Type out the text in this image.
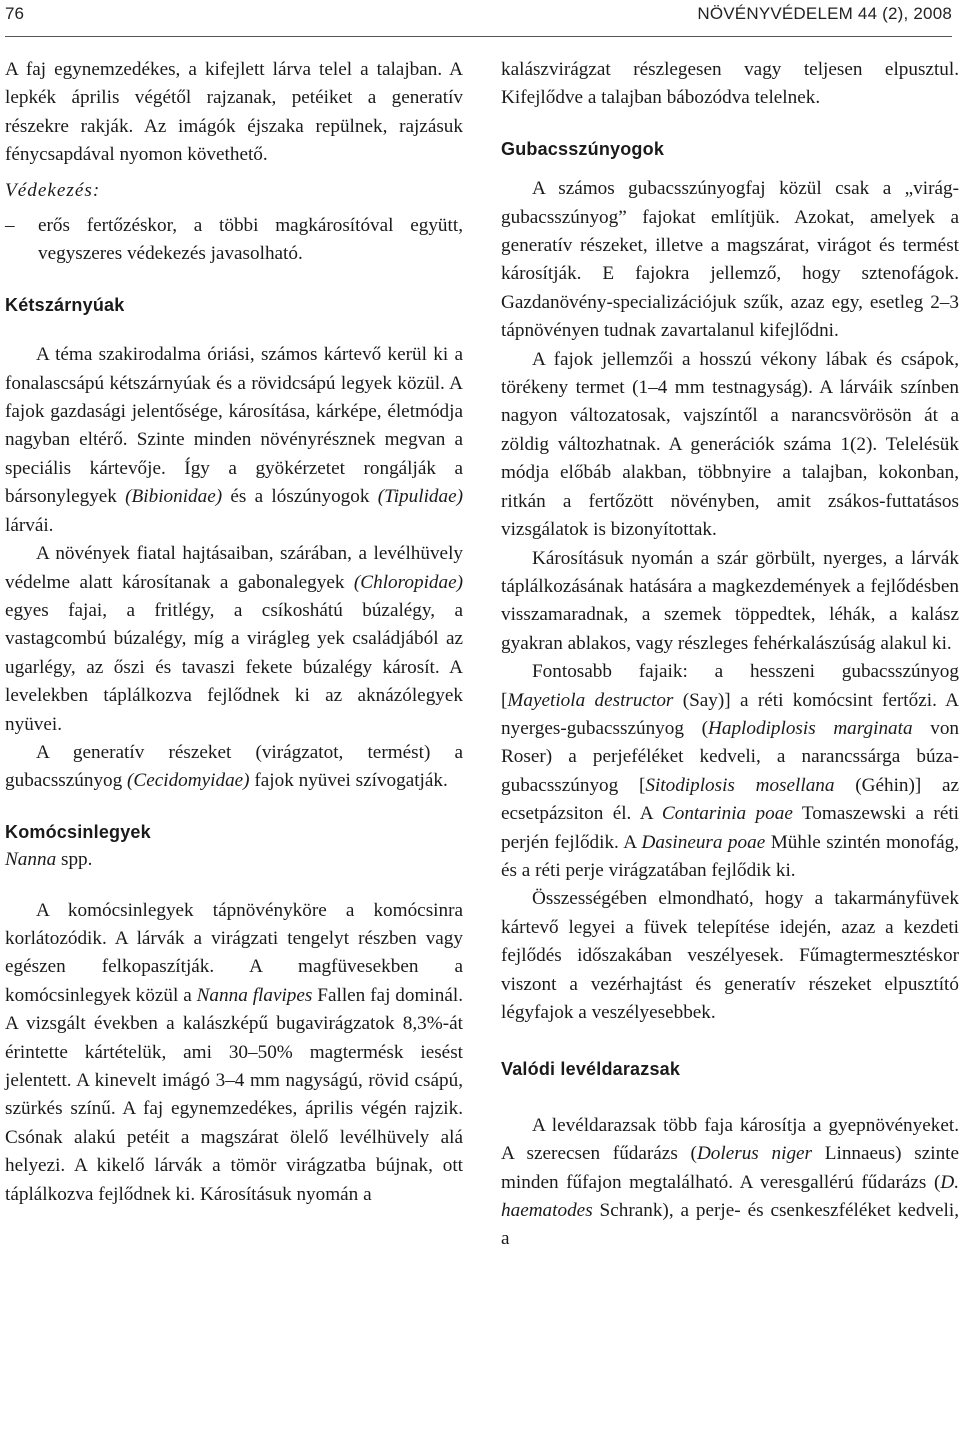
76	NÖVÉNYVÉDELEM 44 (2), 2008

A faj egynemzedékes, a kifejlett lárva telel a talajban. A lepkék április végétől rajzanak, petéiket a generatív részekre rakják. Az imágók éjszaka repülnek, rajzásuk fénycsapdával nyomon követhető.

Védekezés:

– erős fertőzéskor, a többi magkárosítóval együtt, vegyszeres védekezés javasolható.

Kétszárnyúak

A téma szakirodalma óriási, számos kártevő kerül ki a fonalascsápú kétszárnyúak és a rövidcsápú legyek közül. A fajok gazdasági jelentősége, károsítása, kárképe, életmódja nagyban eltérő. Szinte minden növényrésznek megvan a speciális kártevője. Így a gyökérzetet rongálják a bársonylegyek (Bibionidae) és a lószúnyogok (Tipulidae) lárvái.

A növények fiatal hajtásaiban, szárában, a levélhüvely védelme alatt károsítanak a gabonalegyek (Chloropidae) egyes fajai, a fritlégy, a csíkoshátú búzalégy, a vastagcombú búzalégy, míg a virágleg yek családjából az ugarlégy, az őszi és tavaszi fekete búzalégy károsít. A levelekben táplálkozva fejlődnek ki az aknázólegyek nyüvei.

A generatív részeket (virágzatot, termést) a gubacsszúnyog (Cecidomyidae) fajok nyüvei szívogatják.

Komócsinlegyek

Nanna spp.

A komócsinlegyek tápnövényköre a komócsinra korlátozódik. A lárvák a virágzati tengelyt részben vagy egészen felkopaszítják. A magfüvesekben a komócsinlegyek közül a Nanna flavipes Fallen faj dominál. A vizsgált években a kalászképű bugavirágzatok 8,3%-át érintette kártételük, ami 30–50% magtermésk iesést jelentett. A kinevelt imágó 3–4 mm nagyságú, rövid csápú, szürkés színű. A faj egynemzedékes, április végén rajzik. Csónak alakú petéit a magszárat ölelő levélhüvely alá helyezi. A kikelő lárvák a tömör virágzatba bújnak, ott táplálkozva fejlődnek ki. Károsításuk nyomán a

kalászvirágzat részlegesen vagy teljesen elpusztul. Kifejlődve a talajban bábozódva telelnek.

Gubacsszúnyogok

A számos gubacsszúnyogfaj közül csak a „virág-gubacsszúnyog” fajokat említjük. Azokat, amelyek a generatív részeket, illetve a magszárat, virágot és termést károsítják. E fajokra jellemző, hogy sztenofágok. Gazdanövény-specializációjuk szűk, azaz egy, esetleg 2–3 tápnövényen tudnak zavartalanul kifejlődni.

A fajok jellemzői a hosszú vékony lábak és csápok, törékeny termet (1–4 mm testnagyság). A lárváik színben nagyon változatosak, vajszíntől a narancsvörösön át a zöldig változhatnak. A generációk száma 1(2). Telelésük módja előbáb alakban, többnyire a talajban, kokonban, ritkán a fertőzött növényben, amit zsákos-futtatásos vizsgálatok is bizonyítottak.

Károsításuk nyomán a szár görbült, nyerges, a lárvák táplálkozásának hatására a magkezdemények a fejlődésben visszamaradnak, a szemek töppedtek, léhák, a kalász gyakran ablakos, vagy részleges fehérkalászúság alakul ki.

Fontosabb fajaik: a hesszeni gubacsszúnyog [Mayetiola destructor (Say)] a réti komócsint fertőzi. A nyerges-gubacsszúnyog (Haplodiplosis marginata von Roser) a perjeféléket kedveli, a narancssárga búza-gubacsszúnyog [Sitodiplosis mosellana (Géhin)] az ecsetpázsiton él. A Contarinia poae Tomaszewski a réti perjén fejlődik. A Dasineura poae Mühle szintén monofág, és a réti perje virágzatában fejlődik ki.

Összességében elmondható, hogy a takarmányfüvek kártevő legyei a füvek telepítése idején, azaz a kezdeti fejlődés időszakában veszélyesek. Fűmagtermesztéskor viszont a vezérhajtást és generatív részeket elpusztító légyfajok a veszélyesebbek.

Valódi levéldarazsak

A levéldarazsak több faja károsítja a gyepnövényeket. A szerecsen fűdarázs (Dolerus niger Linnaeus) szinte minden fűfajon megtalálható. A veresgallérú fűdarázs (D. haematodes Schrank), a perje- és csenkeszféléket kedveli, a
